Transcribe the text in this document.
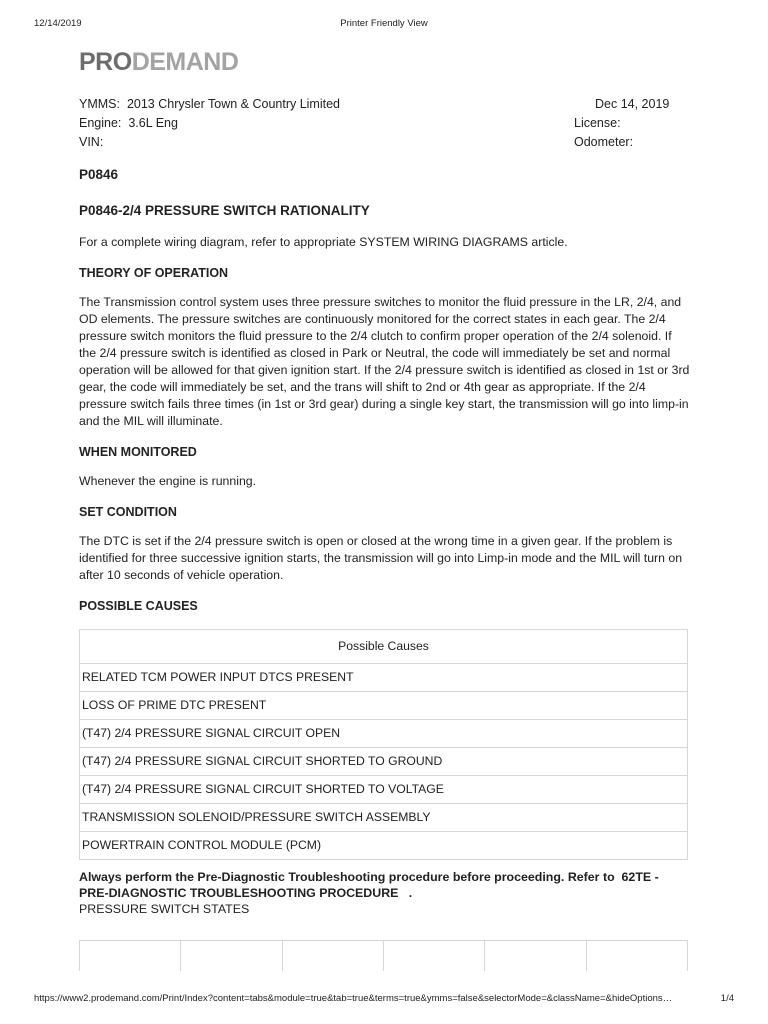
12/14/2019	Printer Friendly View
PRODEMAND
YMMS: 2013 Chrysler Town & Country Limited	Dec 14, 2019
Engine: 3.6L Eng	License:
VIN:	Odometer:
P0846
P0846-2/4 PRESSURE SWITCH RATIONALITY

For a complete wiring diagram, refer to appropriate SYSTEM WIRING DIAGRAMS article.

THEORY OF OPERATION

The Transmission control system uses three pressure switches to monitor the fluid pressure in the LR, 2/4, and OD elements. The pressure switches are continuously monitored for the correct states in each gear. The 2/4 pressure switch monitors the fluid pressure to the 2/4 clutch to confirm proper operation of the 2/4 solenoid. If the 2/4 pressure switch is identified as closed in Park or Neutral, the code will immediately be set and normal operation will be allowed for that given ignition start. If the 2/4 pressure switch is identified as closed in 1st or 3rd gear, the code will immediately be set, and the trans will shift to 2nd or 4th gear as appropriate. If the 2/4 pressure switch fails three times (in 1st or 3rd gear) during a single key start, the transmission will go into limp-in and the MIL will illuminate.

WHEN MONITORED

Whenever the engine is running.

SET CONDITION

The DTC is set if the 2/4 pressure switch is open or closed at the wrong time in a given gear. If the problem is identified for three successive ignition starts, the transmission will go into Limp-in mode and the MIL will turn on after 10 seconds of vehicle operation.

POSSIBLE CAUSES
Possible Causes
RELATED TCM POWER INPUT DTCS PRESENT
LOSS OF PRIME DTC PRESENT
(T47) 2/4 PRESSURE SIGNAL CIRCUIT OPEN
(T47) 2/4 PRESSURE SIGNAL CIRCUIT SHORTED TO GROUND
(T47) 2/4 PRESSURE SIGNAL CIRCUIT SHORTED TO VOLTAGE
TRANSMISSION SOLENOID/PRESSURE SWITCH ASSEMBLY
POWERTRAIN CONTROL MODULE (PCM)

Always perform the Pre-Diagnostic Troubleshooting procedure before proceeding. Refer to 62TE - PRE-DIAGNOSTIC TROUBLESHOOTING PROCEDURE .

PRESSURE SWITCH STATES

https://www2.prodemand.com/Print/Index?content=tabs&module=true&tab=true&terms=true&ymms=false&selectorMode=&className=&hideOptions…	1/4
